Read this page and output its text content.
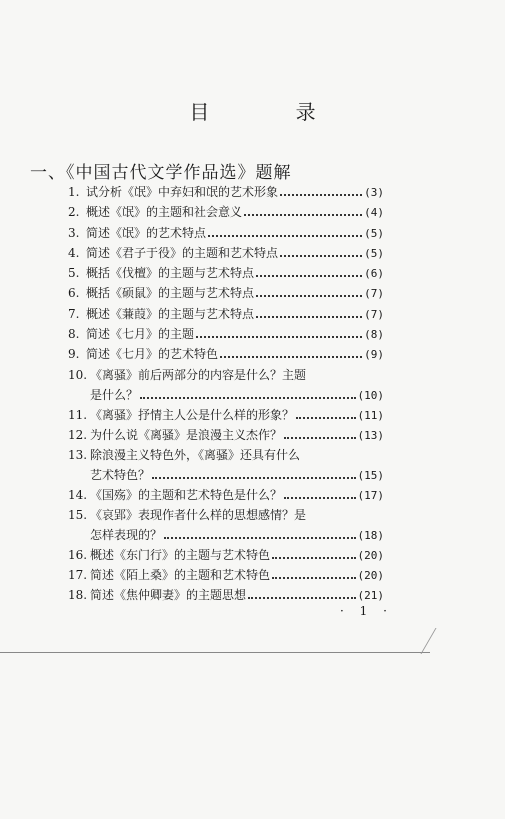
目 录
一、《中国古代文学作品选》题解
1. 试分析《氓》中弃妇和氓的艺术形象	(3)
2. 概述《氓》的主题和社会意义	(4)
3. 简述《氓》的艺术特点	(5)
4. 简述《君子于役》的主题和艺术特点	(5)
5. 概括《伐檀》的主题与艺术特点	(6)
6. 概括《硕鼠》的主题与艺术特点	(7)
7. 概述《蒹葭》的主题与艺术特点	(7)
8. 简述《七月》的主题	(8)
9. 简述《七月》的艺术特色	(9)
10. 《离骚》前后两部分的内容是什么？主题
是什么？	(10)
11. 《离骚》抒情主人公是什么样的形象？	(11)
12. 为什么说《离骚》是浪漫主义杰作？	(13)
13. 除浪漫主义特色外，《离骚》还具有什么
艺术特色？	(15)
14. 《国殇》的主题和艺术特色是什么？	(17)
15. 《哀郢》表现作者什么样的思想感情？是
怎样表现的？	(18)
16. 概述《东门行》的主题与艺术特色	(20)
17. 简述《陌上桑》的主题和艺术特色	(20)
18. 简述《焦仲卿妻》的主题思想	(21)
· 1 ·
